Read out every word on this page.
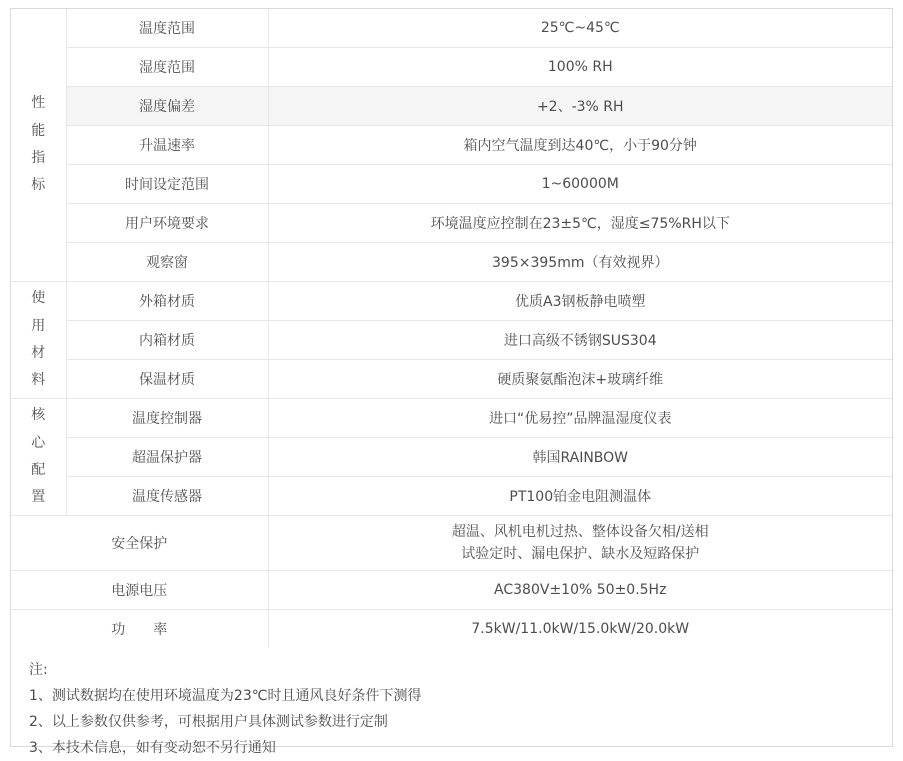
性能指标	温度范围	25℃~45℃
	湿度范围	100% RH
	湿度偏差	+2、-3% RH
	升温速率	箱内空气温度到达40℃，小于90分钟
	时间设定范围	1~60000M
	用户环境要求	环境温度应控制在23±5℃，湿度≤75%RH以下
	观察窗	395×395mm（有效视界）
使用材料	外箱材质	优质A3钢板静电喷塑
	内箱材质	进口高级不锈钢SUS304
	保温材质	硬质聚氨酯泡沫+玻璃纤维
核心配置	温度控制器	进口“优易控”品牌温湿度仪表
	超温保护器	韩国RAINBOW
	温度传感器	PT100铂金电阻测温体
安全保护		超温、风机电机过热、整体设备欠相/送相
试验定时、漏电保护、缺水及短路保护

电源电压		AC380V±10% 50±0.5Hz
功　　率		7.5kW/11.0kW/15.0kW/20.0kW
注:
1、测试数据均在使用环境温度为23℃时且通风良好条件下测得
2、以上参数仅供参考，可根据用户具体测试参数进行定制
3、本技术信息，如有变动恕不另行通知
